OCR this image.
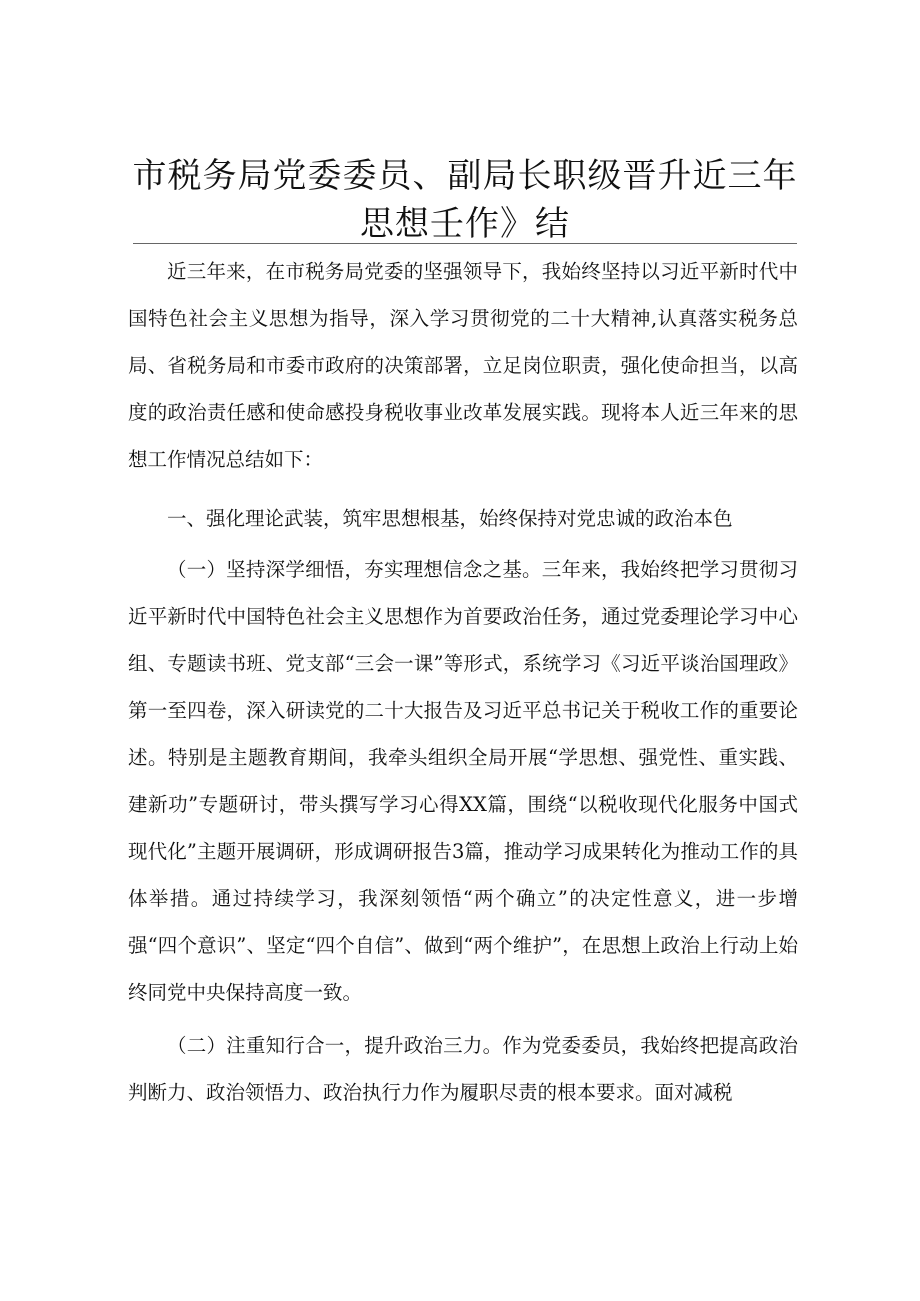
市税务局党委委员、副局长职级晋升近三年思想壬作》结

近三年来，在市税务局党委的坚强领导下，我始终坚持以习近平新时代中国特色社会主义思想为指导，深入学习贯彻党的二十大精神,认真落实税务总局、省税务局和市委市政府的决策部署，立足岗位职责，强化使命担当，以高度的政治责任感和使命感投身税收事业改革发展实践。现将本人近三年来的思想工作情况总结如下：

一、强化理论武装，筑牢思想根基，始终保持对党忠诚的政治本色

（一）坚持深学细悟，夯实理想信念之基。三年来，我始终把学习贯彻习近平新时代中国特色社会主义思想作为首要政治任务，通过党委理论学习中心组、专题读书班、党支部“三会一课”等形式，系统学习《习近平谈治国理政》第一至四卷，深入研读党的二十大报告及习近平总书记关于税收工作的重要论述。特别是主题教育期间，我牵头组织全局开展“学思想、强党性、重实践、建新功”专题研讨，带头撰写学习心得XX篇，围绕“以税收现代化服务中国式现代化”主题开展调研，形成调研报告3篇，推动学习成果转化为推动工作的具体举措。通过持续学习，我深刻领悟“两个确立”的决定性意义，进一步增强“四个意识”、坚定“四个自信”、做到“两个维护”，在思想上政治上行动上始终同党中央保持高度一致。

（二）注重知行合一，提升政治三力。作为党委委员，我始终把提高政治判断力、政治领悟力、政治执行力作为履职尽责的根本要求。面对减税
